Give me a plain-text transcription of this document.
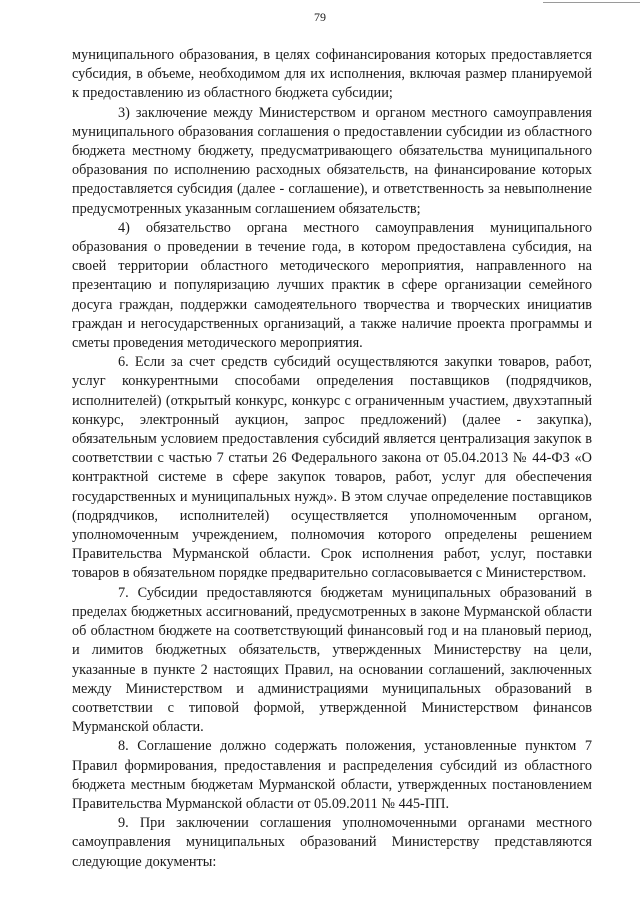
79

муниципального образования, в целях софинансирования которых предоставляется субсидия, в объеме, необходимом для их исполнения, включая размер планируемой к предоставлению из областного бюджета субсидии;

3) заключение между Министерством и органом местного самоуправления муниципального образования соглашения о предоставлении субсидии из областного бюджета местному бюджету, предусматривающего обязательства муниципального образования по исполнению расходных обязательств, на финансирование которых предоставляется субсидия (далее - соглашение), и ответственность за невыполнение предусмотренных указанным соглашением обязательств;

4) обязательство органа местного самоуправления муниципального образования о проведении в течение года, в котором предоставлена субсидия, на своей территории областного методического мероприятия, направленного на презентацию и популяризацию лучших практик в сфере организации семейного досуга граждан, поддержки самодеятельного творчества и творческих инициатив граждан и негосударственных организаций, а также наличие проекта программы и сметы проведения методического мероприятия.

6. Если за счет средств субсидий осуществляются закупки товаров, работ, услуг конкурентными способами определения поставщиков (подрядчиков, исполнителей) (открытый конкурс, конкурс с ограниченным участием, двухэтапный конкурс, электронный аукцион, запрос предложений) (далее - закупка), обязательным условием предоставления субсидий является централизация закупок в соответствии с частью 7 статьи 26 Федерального закона от 05.04.2013 № 44-ФЗ «О контрактной системе в сфере закупок товаров, работ, услуг для обеспечения государственных и муниципальных нужд». В этом случае определение поставщиков (подрядчиков, исполнителей) осуществляется уполномоченным органом, уполномоченным учреждением, полномочия которого определены решением Правительства Мурманской области. Срок исполнения работ, услуг, поставки товаров в обязательном порядке предварительно согласовывается с Министерством.

7. Субсидии предоставляются бюджетам муниципальных образований в пределах бюджетных ассигнований, предусмотренных в законе Мурманской области об областном бюджете на соответствующий финансовый год и на плановый период, и лимитов бюджетных обязательств, утвержденных Министерству на цели, указанные в пункте 2 настоящих Правил, на основании соглашений, заключенных между Министерством и администрациями муниципальных образований в соответствии с типовой формой, утвержденной Министерством финансов Мурманской области.

8. Соглашение должно содержать положения, установленные пунктом 7 Правил формирования, предоставления и распределения субсидий из областного бюджета местным бюджетам Мурманской области, утвержденных постановлением Правительства Мурманской области от 05.09.2011 № 445-ПП.

9. При заключении соглашения уполномоченными органами местного самоуправления муниципальных образований Министерству представляются следующие документы:
